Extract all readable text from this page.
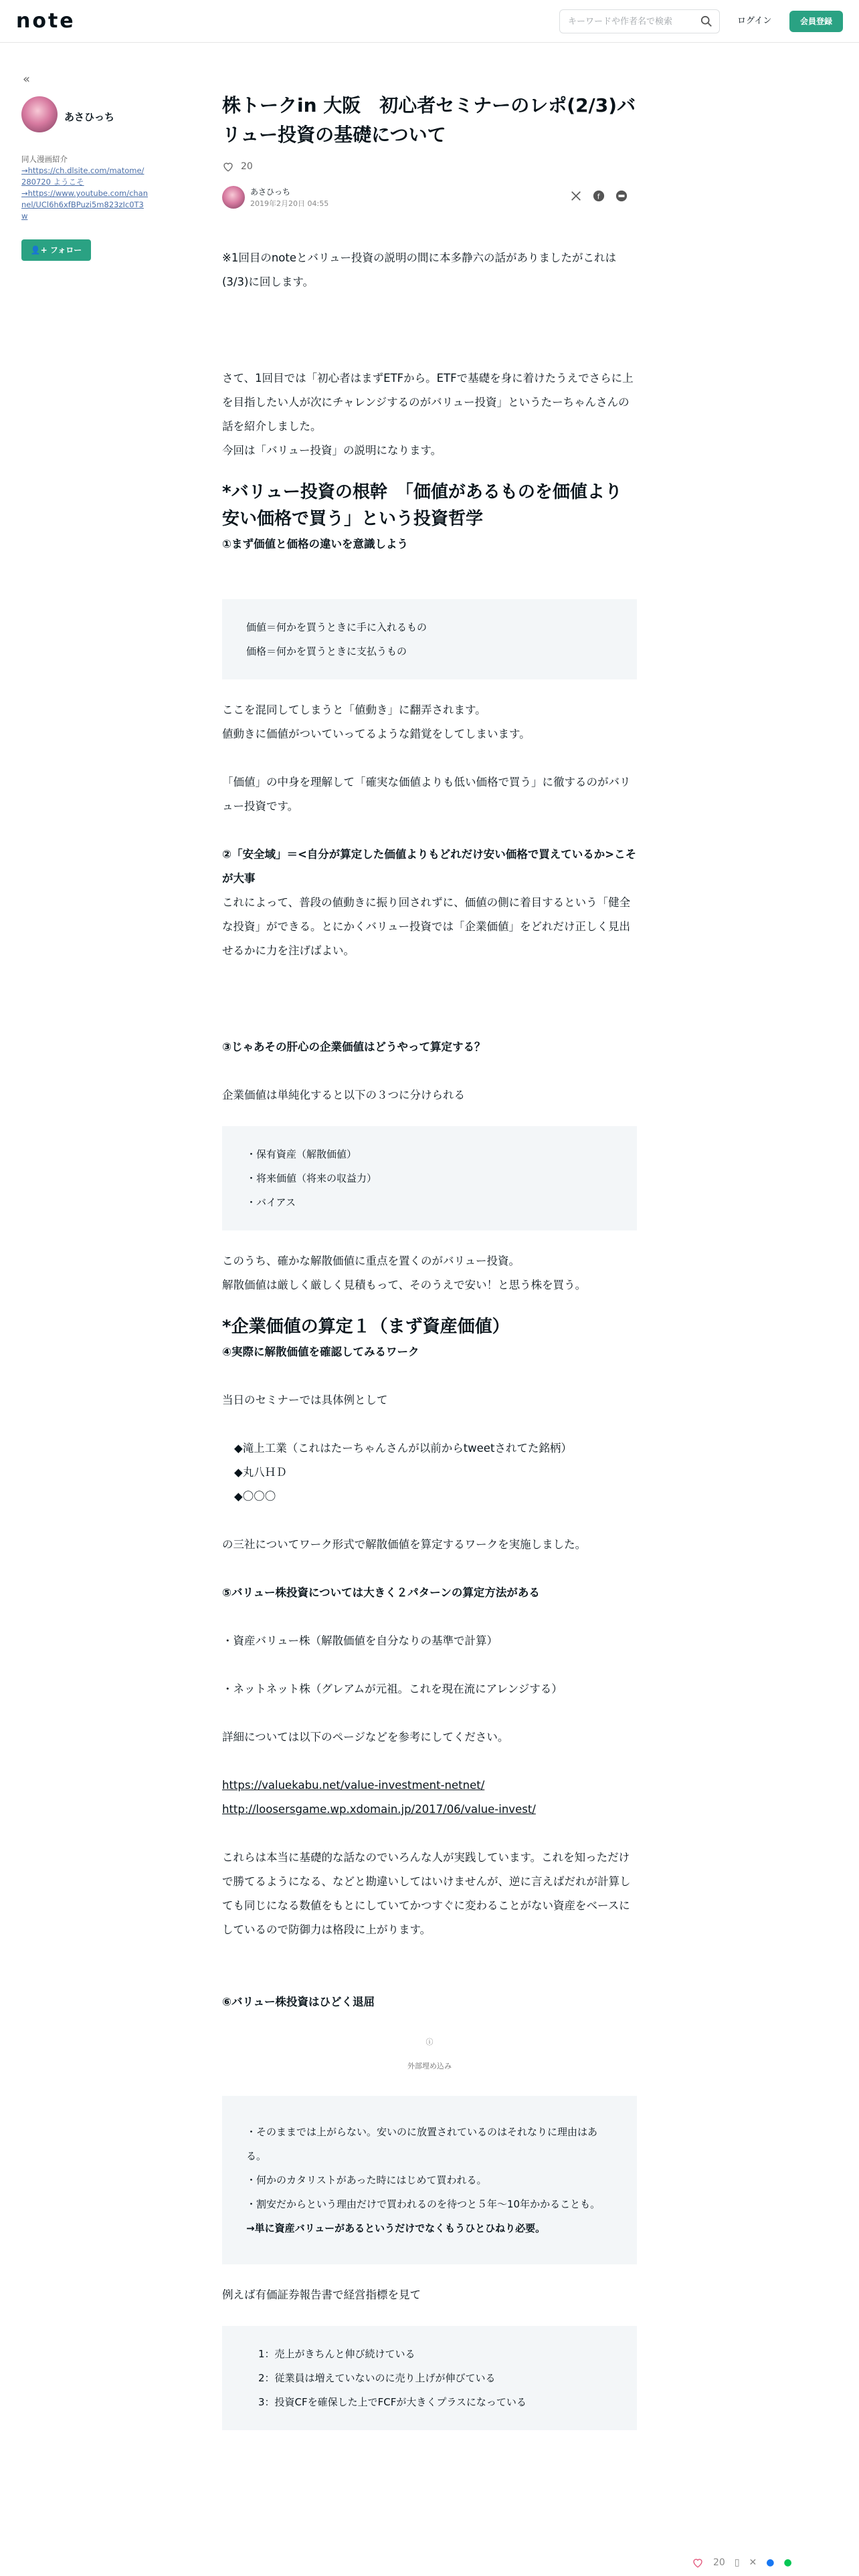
note
キーワードや作者名で検索	ログイン	会員登録
«
あさひっち
同人漫画紹介
→https://ch.dlsite.com/matome/280720 ようこそ
→https://www.youtube.com/channel/UCl6h6xfBPuzi5m823zIc0T3w
👤+ フォロー
株トークin 大阪　初心者セミナーのレポ(2/3)バリュー投資の基礎について
20
あさひっち
2019年2月20日 04:55
f

※1回目のnoteとバリュー投資の説明の間に本多静六の話がありましたがこれは(3/3)に回します。

さて、1回目では「初心者はまずETFから。ETFで基礎を身に着けたうえでさらに上を目指したい人が次にチャレンジするのがバリュー投資」というたーちゃんさんの話を紹介しました。

今回は「バリュー投資」の説明になります。

*バリュー投資の根幹　「価値があるものを価値より安い価格で買う」という投資哲学

①まず価値と価格の違いを意識しよう

価値＝何かを買うときに手に入れるもの
価格＝何かを買うときに支払うもの

ここを混同してしまうと「値動き」に翻弄されます。

値動きに価値がついていってるような錯覚をしてしまいます。

「価値」の中身を理解して「確実な価値よりも低い価格で買う」に徹するのがバリュー投資です。

②「安全域」＝<自分が算定した価値よりもどれだけ安い価格で買えているか>こそが大事

これによって、普段の値動きに振り回されずに、価値の側に着目するという「健全な投資」ができる。とにかくバリュー投資では「企業価値」をどれだけ正しく見出せるかに力を注げばよい。

③じゃあその肝心の企業価値はどうやって算定する？

企業価値は単純化すると以下の３つに分けられる

・保有資産（解散価値）
・将来価値（将来の収益力）
・バイアス

このうち、確かな解散価値に重点を置くのがバリュー投資。

解散価値は厳しく厳しく見積もって、そのうえで安い！と思う株を買う。

*企業価値の算定１（まず資産価値）

④実際に解散価値を確認してみるワーク

当日のセミナーでは具体例として

◆滝上工業（これはたーちゃんさんが以前からtweetされてた銘柄）

◆丸八ＨＤ

◆〇〇〇

の三社についてワーク形式で解散価値を算定するワークを実施しました。

⑤バリュー株投資については大きく２パターンの算定方法がある

・資産バリュー株（解散価値を自分なりの基準で計算）

・ネットネット株（グレアムが元祖。これを現在流にアレンジする）

詳細については以下のページなどを参考にしてください。

https://valuekabu.net/value-investment-netnet/

http://loosersgame.wp.xdomain.jp/2017/06/value-invest/

これらは本当に基礎的な話なのでいろんな人が実践しています。これを知っただけで勝てるようになる、などと勘違いしてはいけませんが、逆に言えばだれが計算しても同じになる数値をもとにしていてかつすぐに変わることがない資産をベースにしているので防御力は格段に上がります。

⑥バリュー株投資はひどく退屈

ⓘ
外部埋め込み
・そのままでは上がらない。安いのに放置されているのはそれなりに理由はある。
・何かのカタリストがあった時にはじめて買われる。
・割安だからという理由だけで買われるのを待つと５年〜10年かかることも。
→単に資産バリューがあるというだけでなくもうひとひねり必要。

例えば有価証券報告書で経営指標を見て

1：売上がきちんと伸び続けている
2：従業員は増えていないのに売り上げが伸びている
3：投資CFを確保した上でFCFが大きくプラスになっている
20 ▯ ✕ ● ●
